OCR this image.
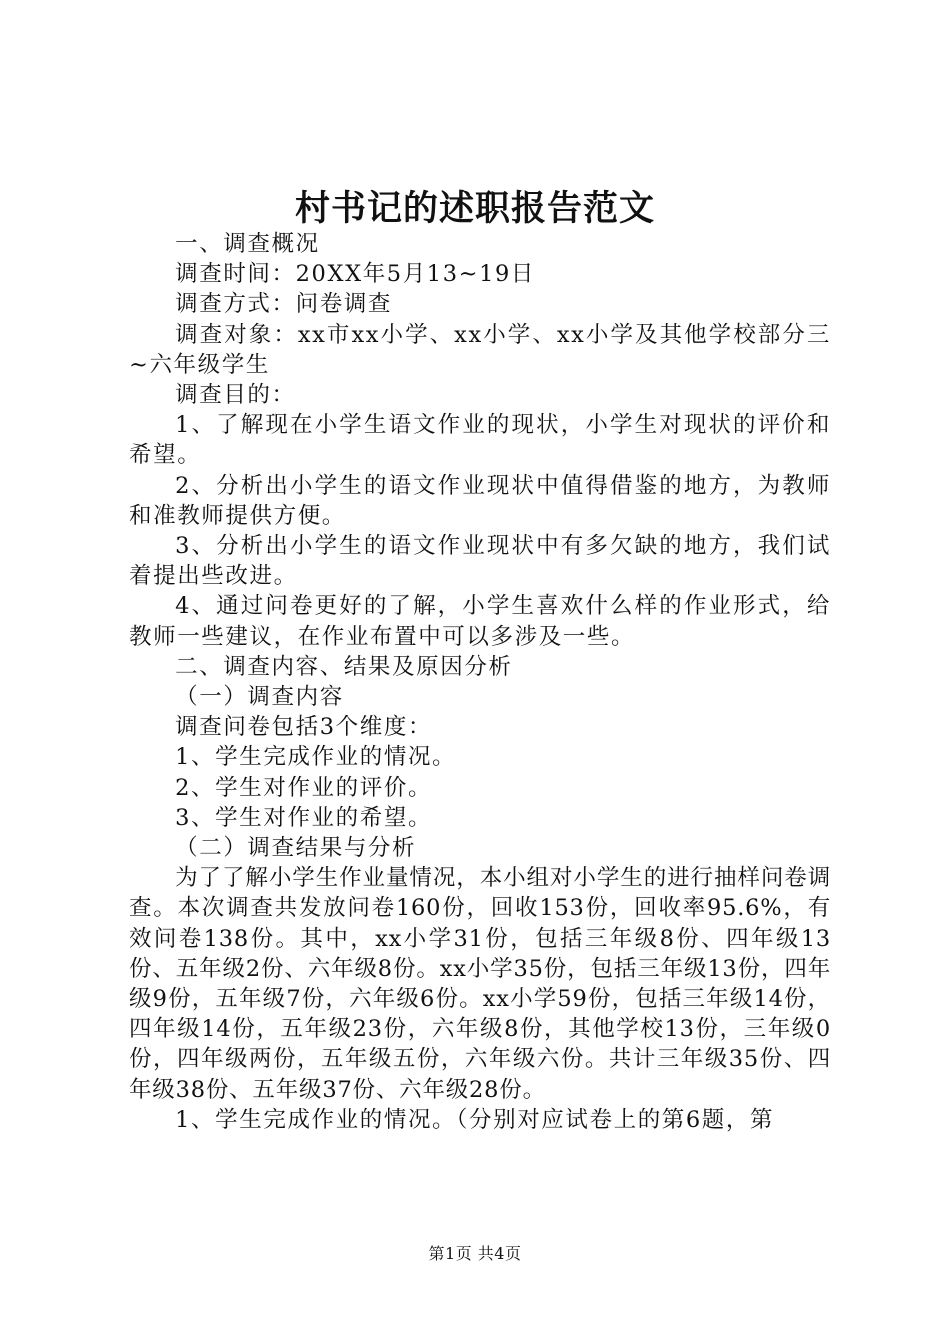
村书记的述职报告范文

一、调查概况

调查时间：20XX年5月13~19日

调查方式：问卷调查

调查对象：xx市xx小学、xx小学、xx小学及其他学校部分三~六年级学生

调查目的：

1、了解现在小学生语文作业的现状，小学生对现状的评价和希望。

2、分析出小学生的语文作业现状中值得借鉴的地方，为教师和准教师提供方便。

3、分析出小学生的语文作业现状中有多欠缺的地方，我们试着提出些改进。

4、通过问卷更好的了解，小学生喜欢什么样的作业形式，给教师一些建议，在作业布置中可以多涉及一些。

二、调查内容、结果及原因分析

（一）调查内容

调查问卷包括3个维度：

1、学生完成作业的情况。

2、学生对作业的评价。

3、学生对作业的希望。

（二）调查结果与分析

为了了解小学生作业量情况，本小组对小学生的进行抽样问卷调查。本次调查共发放问卷160份，回收153份，回收率95.6%，有效问卷138份。其中，xx小学31份，包括三年级8份、四年级13份、五年级2份、六年级8份。xx小学35份，包括三年级13份，四年级9份，五年级7份，六年级6份。xx小学59份，包括三年级14份，四年级14份，五年级23份，六年级8份，其他学校13份，三年级0份，四年级两份，五年级五份，六年级六份。共计三年级35份、四年级38份、五年级37份、六年级28份。

1、学生完成作业的情况。（分别对应试卷上的第6题，第

第1页 共4页
